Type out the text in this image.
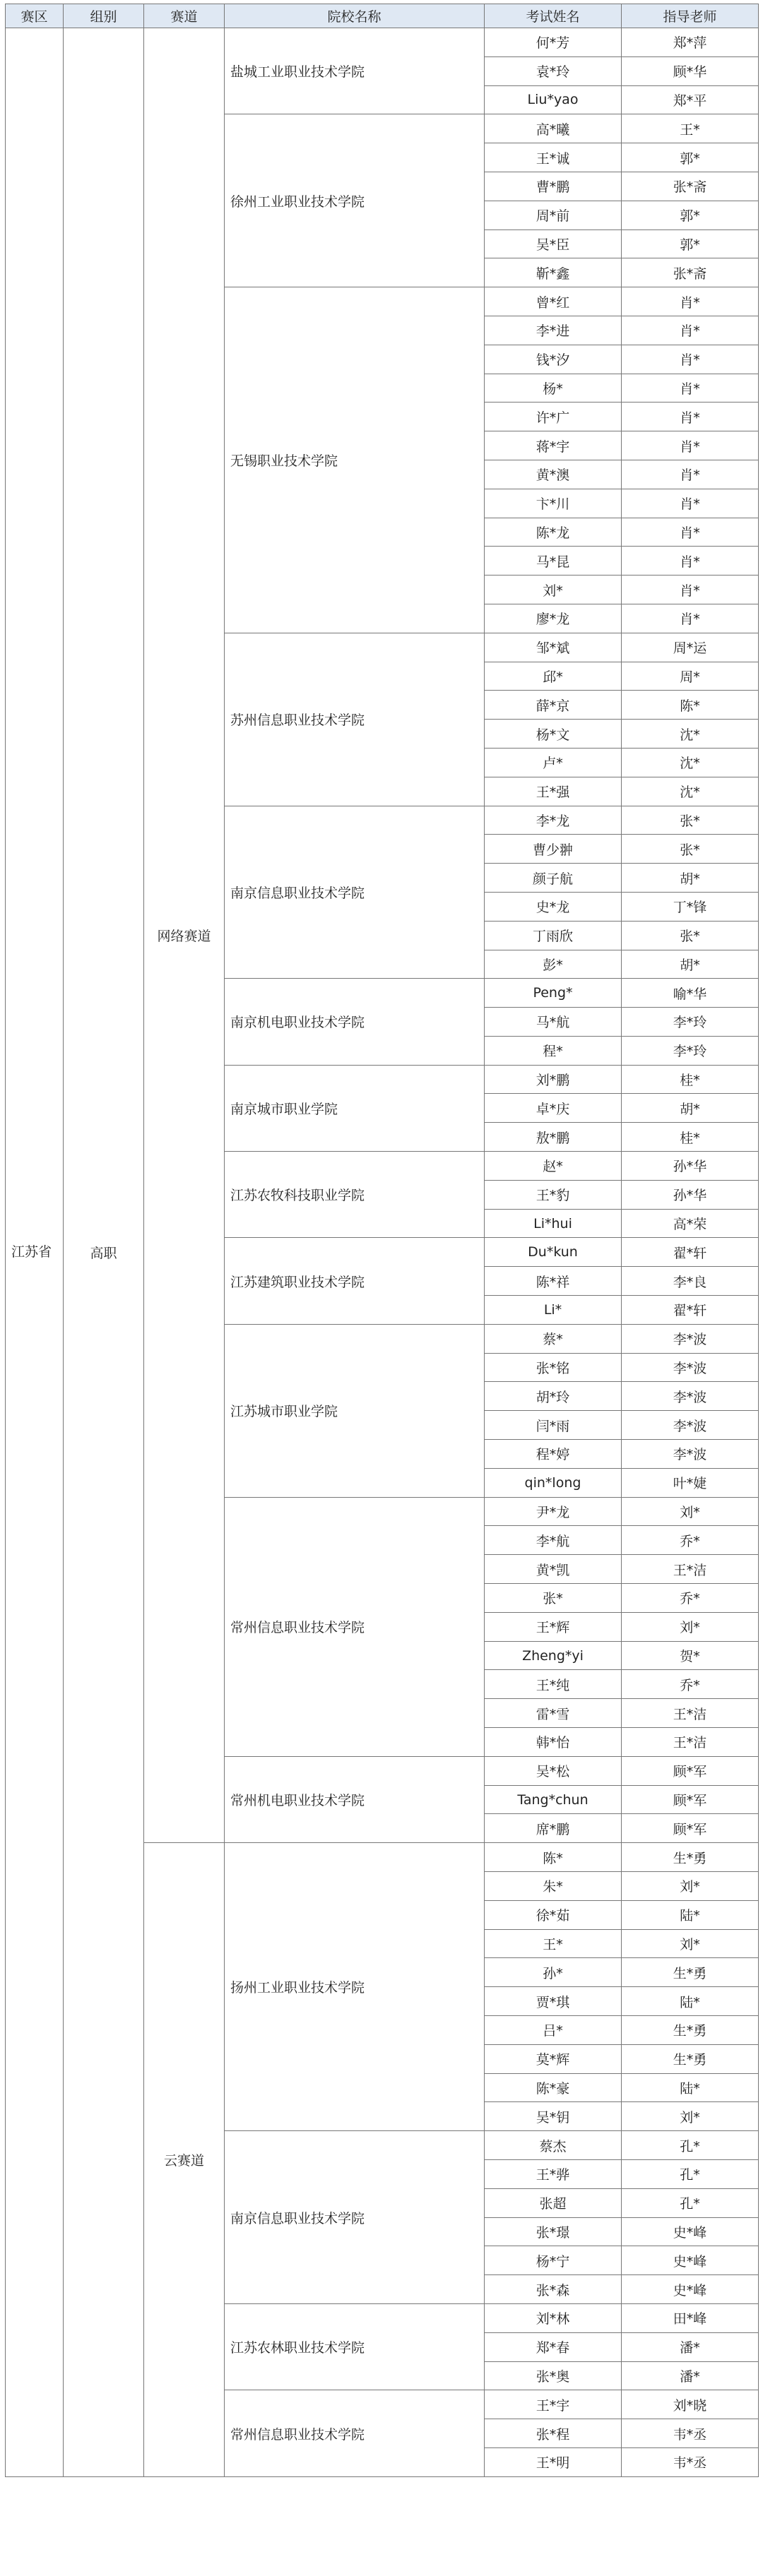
赛区	组别	赛道	院校名称	考试姓名	指导老师

江苏省	高职	网络赛道	盐城工业职业技术学院	何*芳	郑*萍
				袁*玲	顾*华
				Liu*yao	郑*平
			徐州工业职业技术学院	高*曦	王*
				王*诚	郭*
				曹*鹏	张*斋
				周*前	郭*
				吴*臣	郭*
				靳*鑫	张*斋
			无锡职业技术学院	曾*红	肖*
				李*进	肖*
				钱*汐	肖*
				杨*	肖*
				许*广	肖*
				蒋*宇	肖*
				黄*澳	肖*
				卞*川	肖*
				陈*龙	肖*
				马*昆	肖*
				刘*	肖*
				廖*龙	肖*
			苏州信息职业技术学院	邹*斌	周*运
				邱*	周*
				薛*京	陈*
				杨*文	沈*
				卢*	沈*
				王*强	沈*
			南京信息职业技术学院	李*龙	张*
				曹少翀	张*
				颜子航	胡*
				史*龙	丁*锋
				丁雨欣	张*
				彭*	胡*
			南京机电职业技术学院	Peng*	喻*华
				马*航	李*玲
				程*	李*玲
			南京城市职业学院	刘*鹏	桂*
				卓*庆	胡*
				敖*鹏	桂*
			江苏农牧科技职业学院	赵*	孙*华
				王*豹	孙*华
				Li*hui	高*荣
			江苏建筑职业技术学院	Du*kun	翟*轩
				陈*祥	李*良
				Li*	翟*轩
			江苏城市职业学院	蔡*	李*波
				张*铭	李*波
				胡*玲	李*波
				闫*雨	李*波
				程*婷	李*波
				qin*long	叶*婕
			常州信息职业技术学院	尹*龙	刘*
				李*航	乔*
				黄*凯	王*洁
				张*	乔*
				王*辉	刘*
				Zheng*yi	贺*
				王*纯	乔*
				雷*雪	王*洁
				韩*怡	王*洁
			常州机电职业技术学院	吴*松	顾*军
				Tang*chun	顾*军
				席*鹏	顾*军
		云赛道	扬州工业职业技术学院	陈*	生*勇
				朱*	刘*
				徐*茹	陆*
				王*	刘*
				孙*	生*勇
				贾*琪	陆*
				吕*	生*勇
				莫*辉	生*勇
				陈*豪	陆*
				吴*钥	刘*
			南京信息职业技术学院	蔡杰	孔*
				王*骅	孔*
				张超	孔*
				张*璟	史*峰
				杨*宁	史*峰
				张*森	史*峰
			江苏农林职业技术学院	刘*林	田*峰
				郑*春	潘*
				张*奥	潘*
			常州信息职业技术学院	王*宇	刘*晓
				张*程	韦*丞
				王*明	韦*丞
